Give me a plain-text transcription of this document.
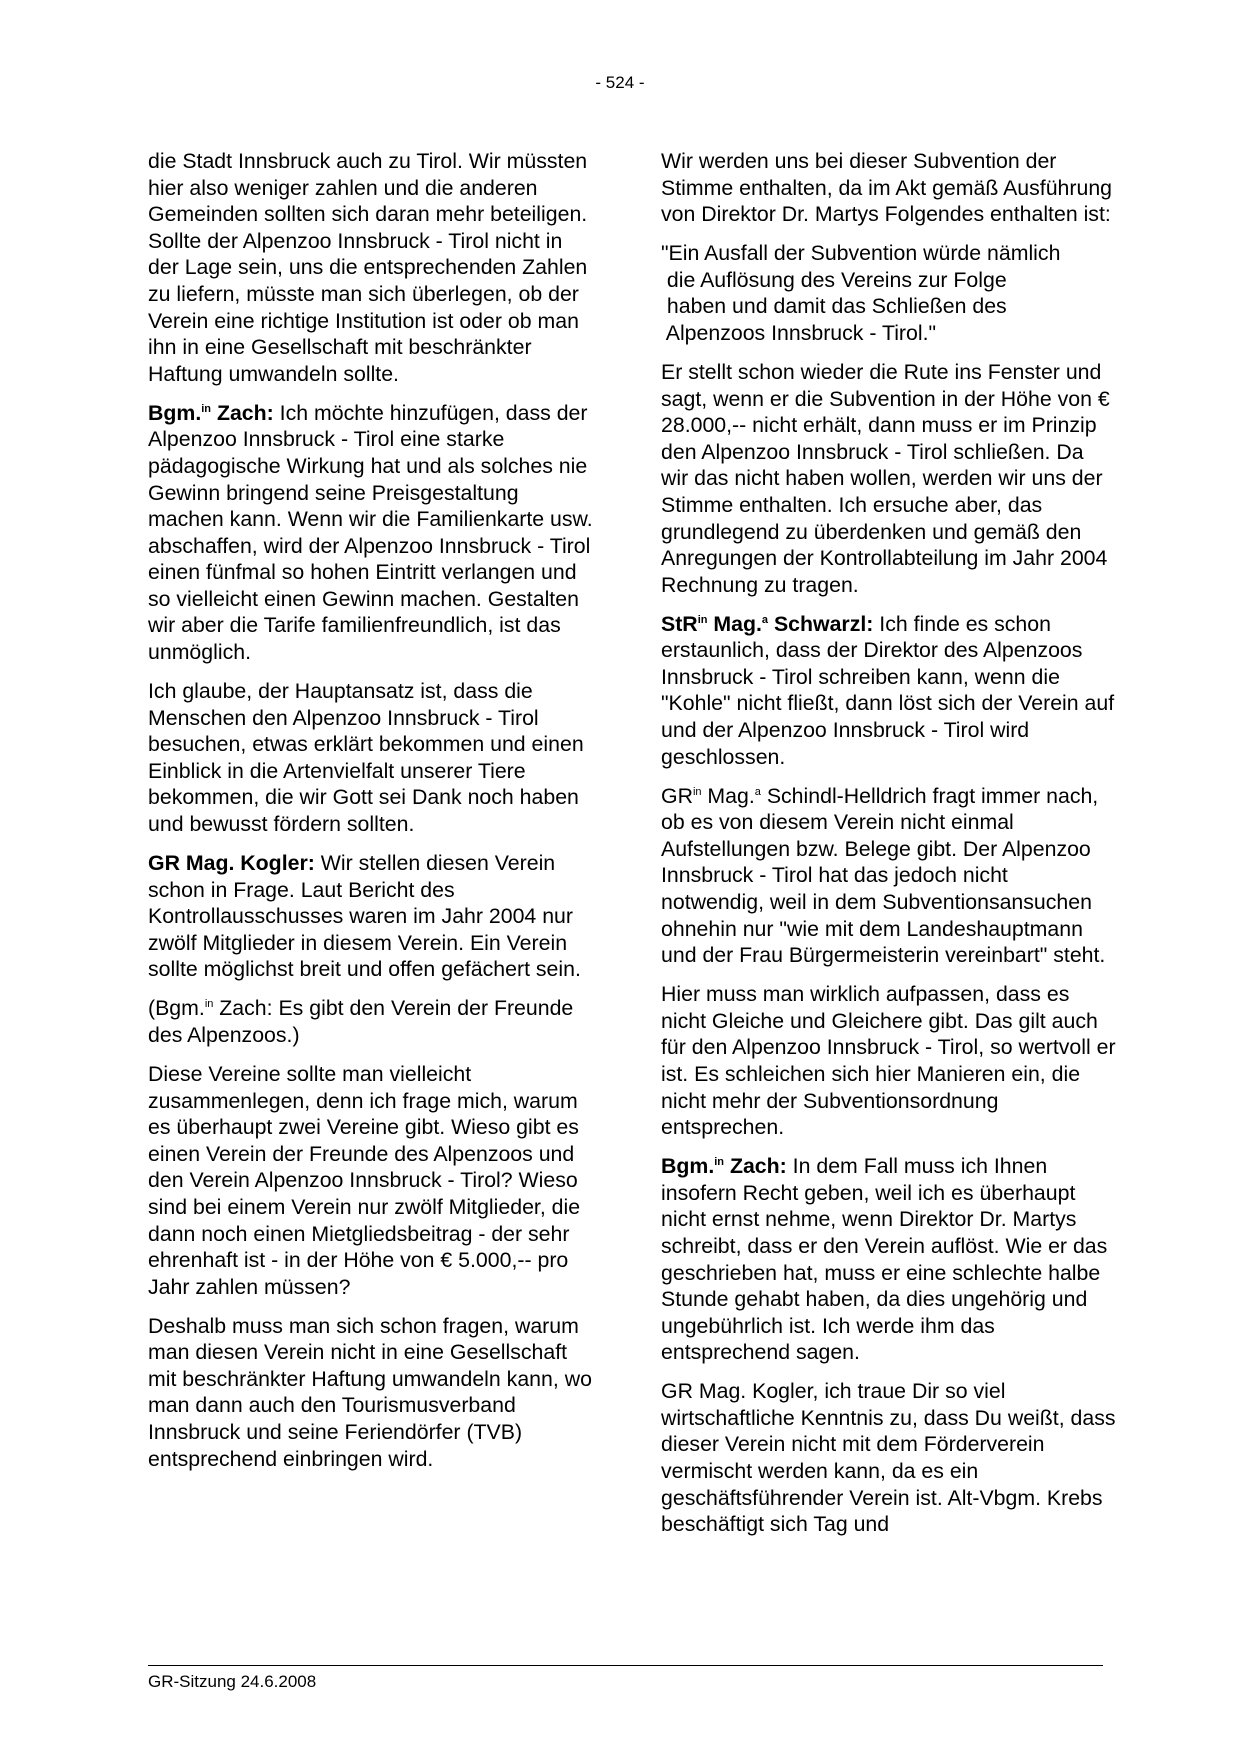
- 524 -

die Stadt Innsbruck auch zu Tirol. Wir müssten hier also weniger zahlen und die anderen Gemeinden sollten sich daran mehr beteiligen. Sollte der Alpenzoo Innsbruck - Tirol nicht in der Lage sein, uns die entsprechenden Zahlen zu liefern, müsste man sich überlegen, ob der Verein eine richtige Institution ist oder ob man ihn in eine Gesellschaft mit beschränkter Haftung umwandeln sollte.

Bgm.$^{in}$ Zach: Ich möchte hinzufügen, dass der Alpenzoo Innsbruck - Tirol eine starke pädagogische Wirkung hat und als solches nie Gewinn bringend seine Preisgestaltung machen kann. Wenn wir die Familienkarte usw. abschaffen, wird der Alpenzoo Innsbruck - Tirol einen fünfmal so hohen Eintritt verlangen und so vielleicht einen Gewinn machen. Gestalten wir aber die Tarife familienfreundlich, ist das unmöglich.

Ich glaube, der Hauptansatz ist, dass die Menschen den Alpenzoo Innsbruck - Tirol besuchen, etwas erklärt bekommen und einen Einblick in die Artenvielfalt unserer Tiere bekommen, die wir Gott sei Dank noch haben und bewusst fördern sollten.

GR Mag. Kogler: Wir stellen diesen Verein schon in Frage. Laut Bericht des Kontrollausschusses waren im Jahr 2004 nur zwölf Mitglieder in diesem Verein. Ein Verein sollte möglichst breit und offen gefächert sein.

(Bgm.$^{in}$ Zach: Es gibt den Verein der Freunde des Alpenzoos.)

Diese Vereine sollte man vielleicht zusammenlegen, denn ich frage mich, warum es überhaupt zwei Vereine gibt. Wieso gibt es einen Verein der Freunde des Alpenzoos und den Verein Alpenzoo Innsbruck - Tirol? Wieso sind bei einem Verein nur zwölf Mitglieder, die dann noch einen Mietgliedsbeitrag - der sehr ehrenhaft ist - in der Höhe von € 5.000,-- pro Jahr zahlen müssen?

Deshalb muss man sich schon fragen, warum man diesen Verein nicht in eine Gesellschaft mit beschränkter Haftung umwandeln kann, wo man dann auch den Tourismusverband Innsbruck und seine Feriendörfer (TVB) entsprechend einbringen wird.

Wir werden uns bei dieser Subvention der Stimme enthalten, da im Akt gemäß Ausführung von Direktor Dr. Martys Folgendes enthalten ist:

"Ein Ausfall der Subvention würde nämlich
die Auflösung des Vereins zur Folge
haben und damit das Schließen des
Alpenzoos Innsbruck - Tirol."

Er stellt schon wieder die Rute ins Fenster und sagt, wenn er die Subvention in der Höhe von € 28.000,-- nicht erhält, dann muss er im Prinzip den Alpenzoo Innsbruck - Tirol schließen. Da wir das nicht haben wollen, werden wir uns der Stimme enthalten. Ich ersuche aber, das grundlegend zu überdenken und gemäß den Anregungen der Kontrollabteilung im Jahr 2004 Rechnung zu tragen.

StR$^{in}$ Mag.$^a$ Schwarzl: Ich finde es schon erstaunlich, dass der Direktor des Alpenzoos Innsbruck - Tirol schreiben kann, wenn die "Kohle" nicht fließt, dann löst sich der Verein auf und der Alpenzoo Innsbruck - Tirol wird geschlossen.

$GR^{in}$ Mag.$^a$ Schindl-Helldrich fragt immer nach, ob es von diesem Verein nicht einmal Aufstellungen bzw. Belege gibt. Der Alpenzoo Innsbruck - Tirol hat das jedoch nicht notwendig, weil in dem Subventionsansuchen ohnehin nur "wie mit dem Landeshauptmann und der Frau Bürgermeisterin vereinbart" steht.

Hier muss man wirklich aufpassen, dass es nicht Gleiche und Gleichere gibt. Das gilt auch für den Alpenzoo Innsbruck - Tirol, so wertvoll er ist. Es schleichen sich hier Manieren ein, die nicht mehr der Subventionsordnung entsprechen.

Bgm.$^{in}$ Zach: In dem Fall muss ich Ihnen insofern Recht geben, weil ich es überhaupt nicht ernst nehme, wenn Direktor Dr. Martys schreibt, dass er den Verein auflöst. Wie er das geschrieben hat, muss er eine schlechte halbe Stunde gehabt haben, da dies ungehörig und ungebührlich ist. Ich werde ihm das entsprechend sagen.

GR Mag. Kogler, ich traue Dir so viel wirtschaftliche Kenntnis zu, dass Du weißt, dass dieser Verein nicht mit dem Förderverein vermischt werden kann, da es ein geschäftsführender Verein ist. Alt-Vbgm. Krebs beschäftigt sich Tag und

GR-Sitzung 24.6.2008
